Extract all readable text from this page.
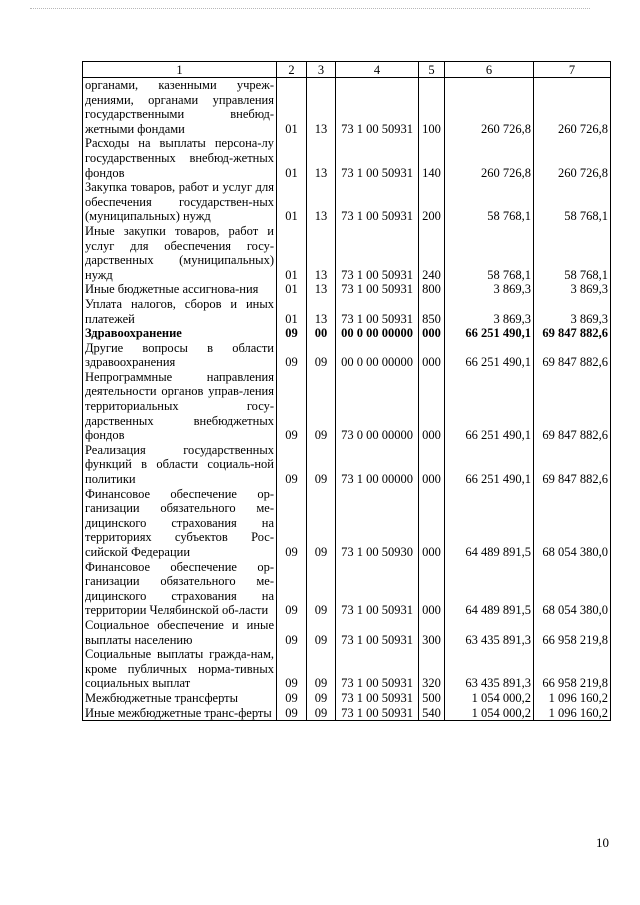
1	2	3	4	5	6	7
органами, казенными учреж-дениями, органами управления государственными внебюд-жетными фондами	01	13	73 1 00 50931	100	260 726,8	260 726,8
Расходы на выплаты персона-лу государственных внебюд-жетных фондов	01	13	73 1 00 50931	140	260 726,8	260 726,8
Закупка товаров, работ и услуг для обеспечения государствен-ных (муниципальных) нужд	01	13	73 1 00 50931	200	58 768,1	58 768,1
Иные закупки товаров, работ и услуг для обеспечения госу-дарственных (муниципальных) нужд	01	13	73 1 00 50931	240	58 768,1	58 768,1
Иные бюджетные ассигнова-ния	01	13	73 1 00 50931	800	3 869,3	3 869,3
Уплата налогов, сборов и иных платежей	01	13	73 1 00 50931	850	3 869,3	3 869,3
Здравоохранение	09	00	00 0 00 00000	000	66 251 490,1	69 847 882,6
Другие вопросы в области здравоохранения	09	09	00 0 00 00000	000	66 251 490,1	69 847 882,6
Непрограммные направления деятельности органов управ-ления территориальных госу-дарственных внебюджетных фондов	09	09	73 0 00 00000	000	66 251 490,1	69 847 882,6
Реализация государственных функций в области социаль-ной политики	09	09	73 1 00 00000	000	66 251 490,1	69 847 882,6
Финансовое обеспечение ор-ганизации обязательного ме-дицинского страхования на территориях субъектов Рос-сийской Федерации	09	09	73 1 00 50930	000	64 489 891,5	68 054 380,0
Финансовое обеспечение ор-ганизации обязательного ме-дицинского страхования на территории Челябинской об-ласти	09	09	73 1 00 50931	000	64 489 891,5	68 054 380,0
Социальное обеспечение и иные выплаты населению	09	09	73 1 00 50931	300	63 435 891,3	66 958 219,8
Социальные выплаты гражда-нам, кроме публичных норма-тивных социальных выплат	09	09	73 1 00 50931	320	63 435 891,3	66 958 219,8
Межбюджетные трансферты	09	09	73 1 00 50931	500	1 054 000,2	1 096 160,2
Иные межбюджетные транс-ферты	09	09	73 1 00 50931	540	1 054 000,2	1 096 160,2
10
